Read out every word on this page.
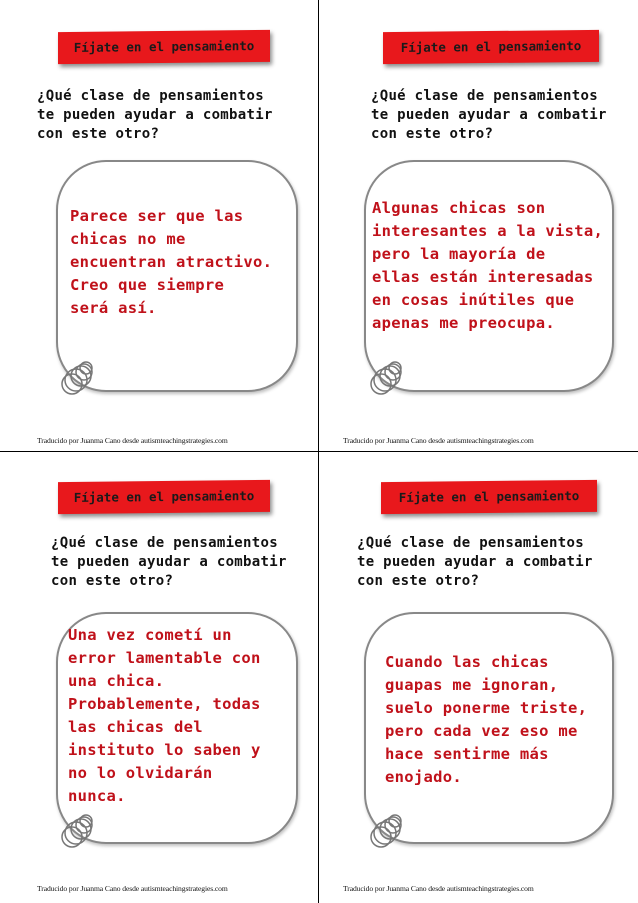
Fíjate en el pensamiento
¿Qué clase de pensamientos
te pueden ayudar a combatir
con este otro?
Parece ser que las
chicas no me
encuentran atractivo.
Creo que siempre
será así.
Traducido por Juanma Cano desde autismteachingstrategies.com
Fíjate en el pensamiento
¿Qué clase de pensamientos
te pueden ayudar a combatir
con este otro?
Algunas chicas son
interesantes a la vista,
pero la mayoría de
ellas están interesadas
en cosas inútiles que
apenas me preocupa.
Traducido por Juanma Cano desde autismteachingstrategies.com
Fíjate en el pensamiento
¿Qué clase de pensamientos
te pueden ayudar a combatir
con este otro?
Una vez cometí un
error lamentable con
una chica.
Probablemente, todas
las chicas del
instituto lo saben y
no lo olvidarán
nunca.
Traducido por Juanma Cano desde autismteachingstrategies.com
Fíjate en el pensamiento
¿Qué clase de pensamientos
te pueden ayudar a combatir
con este otro?
Cuando las chicas
guapas me ignoran,
suelo ponerme triste,
pero cada vez eso me
hace sentirme más
enojado.
Traducido por Juanma Cano desde autismteachingstrategies.com
